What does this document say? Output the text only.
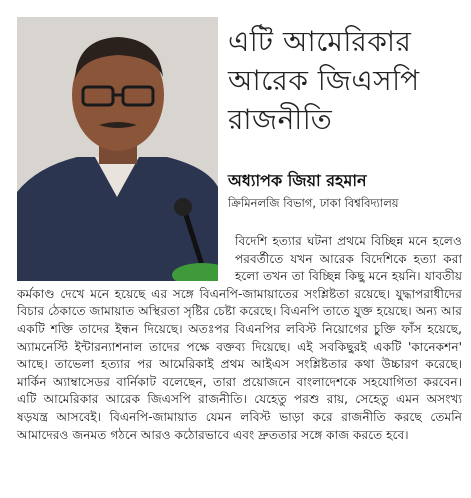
এটি আমেরিকার আরেক জিএসপি রাজনীতি

অধ্যাপক জিয়া রহমান

ক্রিমিনলজি বিভাগ, ঢাকা বিশ্ববিদ্যালয়

বিদেশি হত্যার ঘটনা প্রথমে বিচ্ছিন্ন মনে হলেও পরবর্তীতে যখন আরেক বিদেশিকে হত্যা করা হলো তখন তা বিচ্ছিন্ন কিছু মনে হয়নি। যাবতীয় কর্মকাণ্ড দেখে মনে হয়েছে এর সঙ্গে বিএনপি-জামায়াতের সংশ্লিষ্টতা রয়েছে। যুদ্ধাপরাধীদের বিচার ঠেকাতে জামায়াত অস্থিরতা সৃষ্টির চেষ্টা করেছে। বিএনপি তাতে যুক্ত হয়েছে। অন্য আর একটি শক্তি তাদের ইন্ধন দিয়েছে। অতঃপর বিএনপির লবিস্ট নিয়োগের চুক্তি ফাঁস হয়েছে, অ্যামনেস্টি ইন্টারন্যাশনাল তাদের পক্ষে বক্তব্য দিয়েছে। এই সবকিছুরই একটি 'কানেকশন' আছে। তাভেলা হত্যার পর আমেরিকাই প্রথম আইএস সংশ্লিষ্টতার কথা উচ্চারণ করেছে। মার্কিন অ্যাম্বাসেডর বার্নিকাট বলেছেন, তারা প্রয়োজনে বাংলাদেশকে সহযোগিতা করবেন। এটি আমেরিকার আরেক জিএসপি রাজনীতি। যেহেতু পরশু রায়, সেহেতু এমন অসংখ্য ষড়যন্ত্র আসবেই। বিএনপি-জামায়াত যেমন লবিস্ট ভাড়া করে রাজনীতি করছে তেমনি আমাদেরও জনমত গঠনে আরও কঠোরভাবে এবং দ্রুততার সঙ্গে কাজ করতে হবে।
